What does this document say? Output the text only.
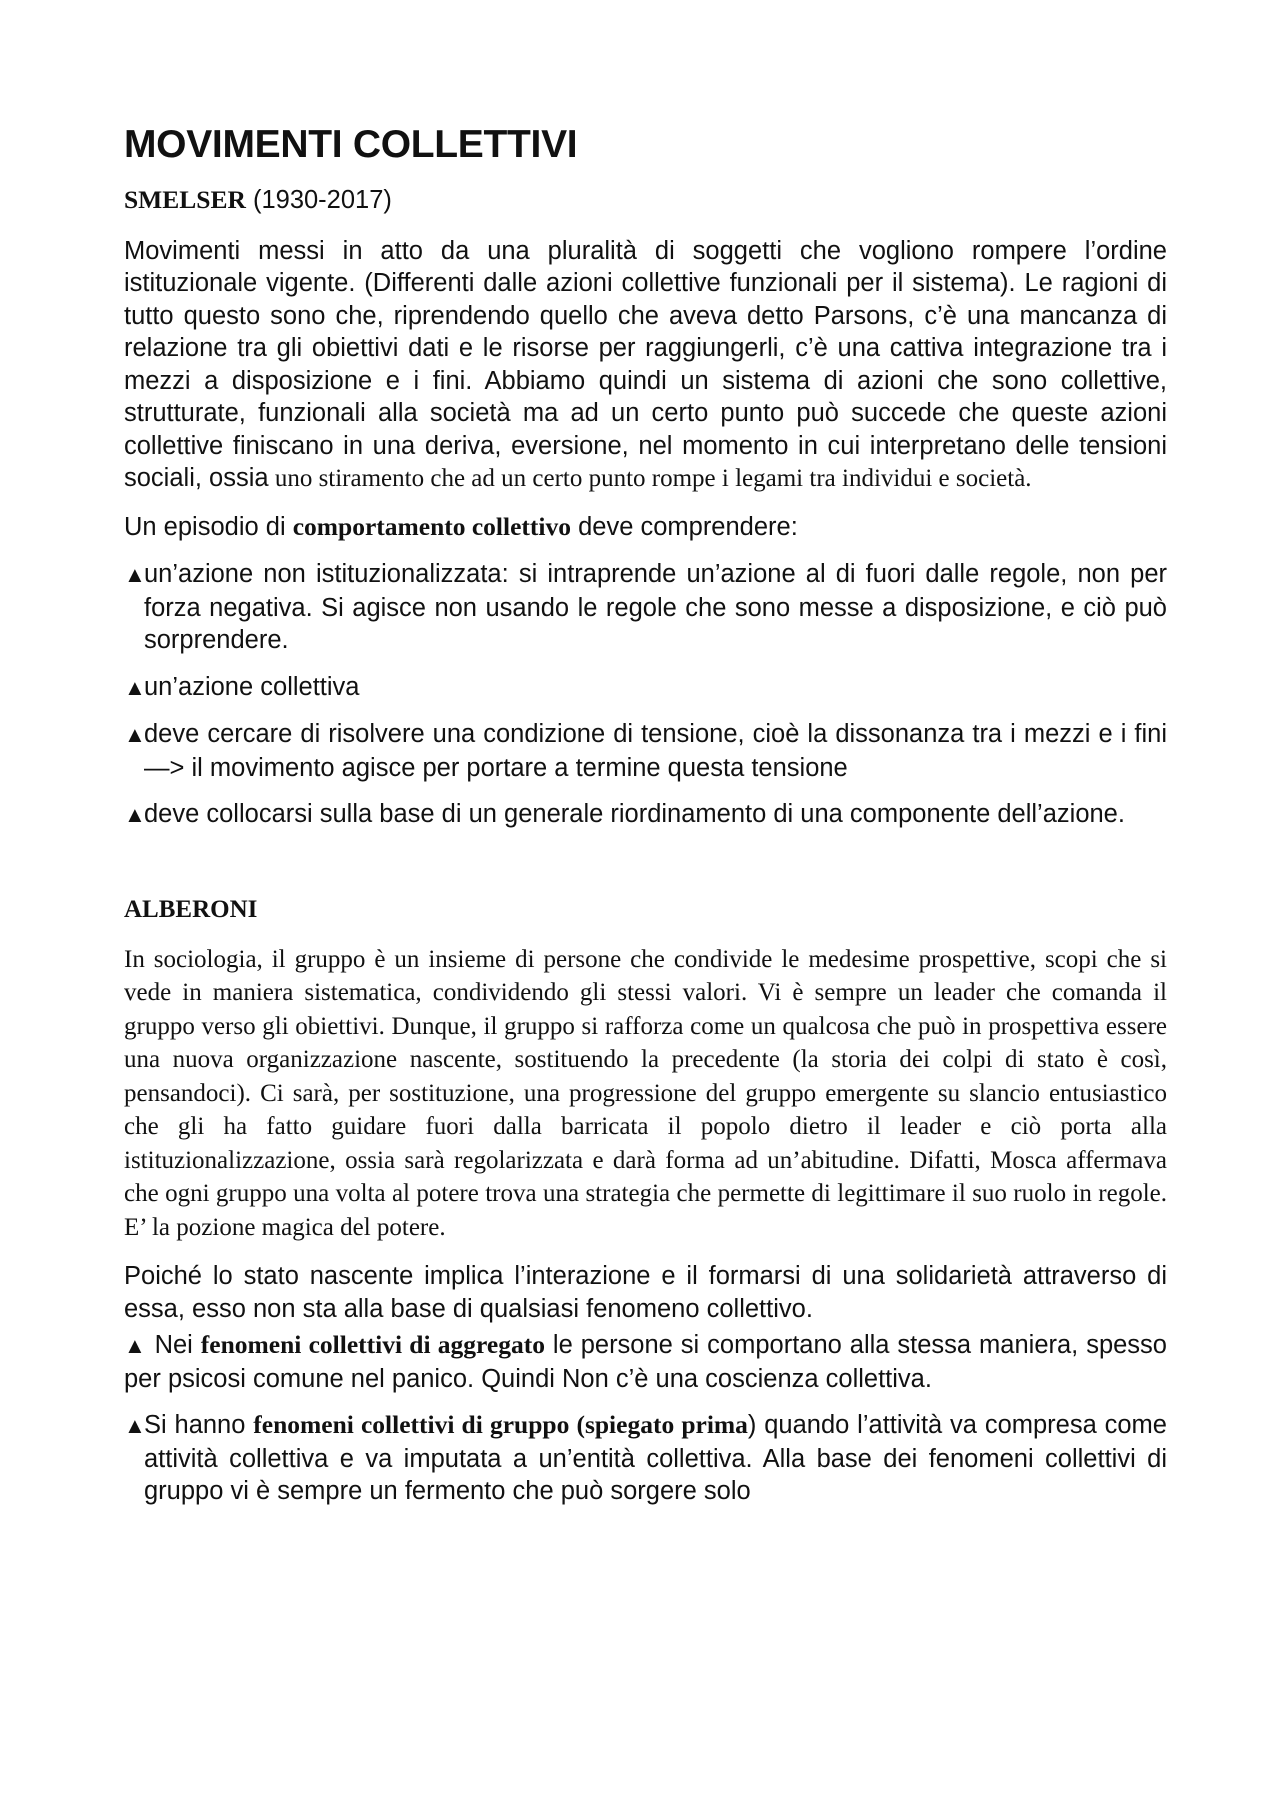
MOVIMENTI COLLETTIVI
SMELSER (1930-2017)

Movimenti messi in atto da una pluralità di soggetti che vogliono rompere l’ordine istituzionale vigente. (Differenti dalle azioni collettive funzionali per il sistema). Le ragioni di tutto questo sono che, riprendendo quello che aveva detto Parsons, c’è una mancanza di relazione tra gli obiettivi dati e le risorse per raggiungerli, c’è una cattiva integrazione tra i mezzi a disposizione e i fini. Abbiamo quindi un sistema di azioni che sono collettive, strutturate, funzionali alla società ma ad un certo punto può succede che queste azioni collettive finiscano in una deriva, eversione, nel momento in cui interpretano delle tensioni sociali, ossia uno stiramento che ad un certo punto rompe i legami tra individui e società.

Un episodio di comportamento collettivo deve comprendere:

▲un’azione non istituzionalizzata: si intraprende un’azione al di fuori dalle regole, non per forza negativa. Si agisce non usando le regole che sono messe a disposizione, e ciò può sorprendere.
▲un’azione collettiva
▲deve cercare di risolvere una condizione di tensione, cioè la dissonanza tra i mezzi e i fini —> il movimento agisce per portare a termine questa tensione
▲deve collocarsi sulla base di un generale riordinamento di una componente dell’azione.
ALBERONI

In sociologia, il gruppo è un insieme di persone che condivide le medesime prospettive, scopi che si vede in maniera sistematica, condividendo gli stessi valori. Vi è sempre un leader che comanda il gruppo verso gli obiettivi. Dunque, il gruppo si rafforza come un qualcosa che può in prospettiva essere una nuova organizzazione nascente, sostituendo la precedente (la storia dei colpi di stato è così, pensandoci). Ci sarà, per sostituzione, una progressione del gruppo emergente su slancio entusiastico che gli ha fatto guidare fuori dalla barricata il popolo dietro il leader e ciò porta alla istituzionalizzazione, ossia sarà regolarizzata e darà forma ad un’abitudine. Difatti, Mosca affermava che ogni gruppo una volta al potere trova una strategia che permette di legittimare il suo ruolo in regole. E’ la pozione magica del potere.

Poiché lo stato nascente implica l’interazione e il formarsi di una solidarietà attraverso di essa, esso non sta alla base di qualsiasi fenomeno collettivo.

▲ Nei fenomeni collettivi di aggregato le persone si comportano alla stessa maniera, spesso per psicosi comune nel panico. Quindi Non c’è una coscienza collettiva.
▲Si hanno fenomeni collettivi di gruppo (spiegato prima) quando l’attività va compresa come attività collettiva e va imputata a un’entità collettiva. Alla base dei fenomeni collettivi di gruppo vi è sempre un fermento che può sorgere solo
